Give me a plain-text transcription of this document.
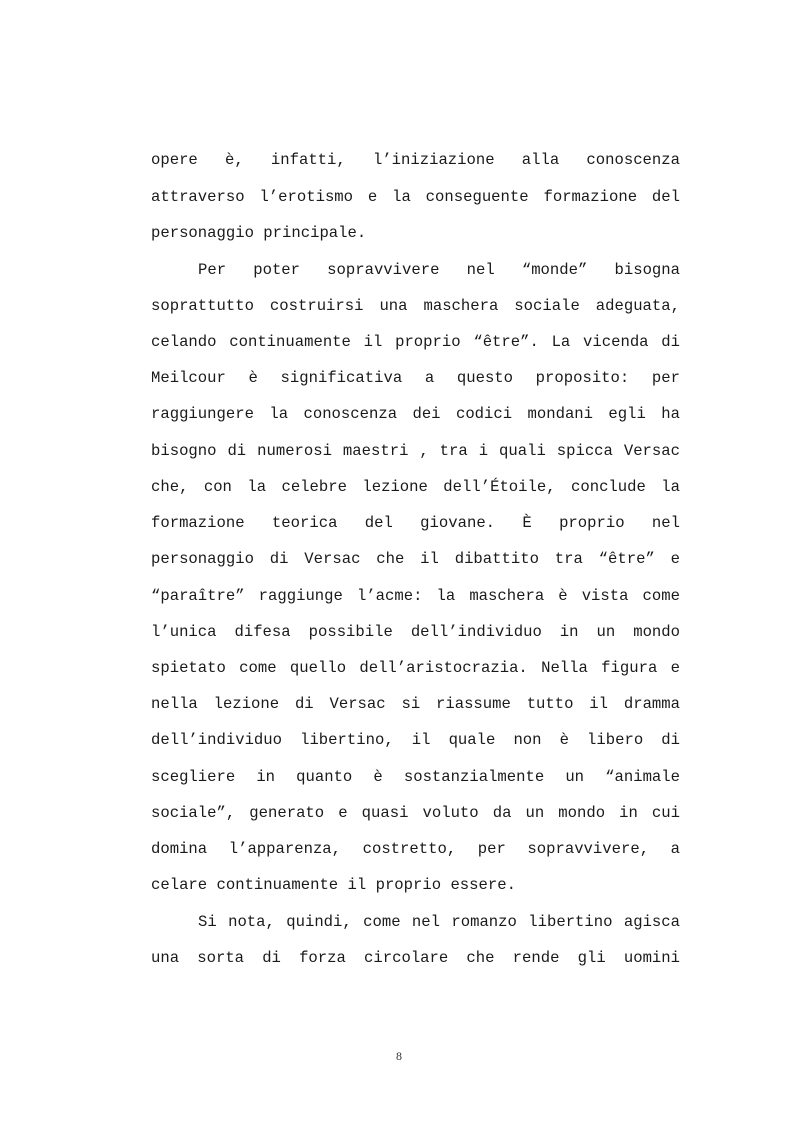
opere è, infatti, l’iniziazione alla conoscenza
attraverso l’erotismo e la conseguente formazione del
personaggio principale.
Per poter sopravvivere nel “monde” bisogna
soprattutto costruirsi una maschera sociale adeguata,
celando continuamente il proprio “être”. La vicenda di
Meilcour è significativa a questo proposito: per
raggiungere la conoscenza dei codici mondani egli ha
bisogno di numerosi maestri , tra i quali spicca Versac
che, con la celebre lezione dell’Étoile, conclude la
formazione teorica del giovane. È proprio nel
personaggio di Versac che il dibattito tra “être” e
“paraître” raggiunge l’acme: la maschera è vista come
l’unica difesa possibile dell’individuo in un mondo
spietato come quello dell’aristocrazia. Nella figura e
nella lezione di Versac si riassume tutto il dramma
dell’individuo libertino, il quale non è libero di
scegliere in quanto è sostanzialmente un “animale
sociale”, generato e quasi voluto da un mondo in cui
domina l’apparenza, costretto, per sopravvivere, a
celare continuamente il proprio essere.
Si nota, quindi, come nel romanzo libertino agisca
una sorta di forza circolare che rende gli uomini
8
